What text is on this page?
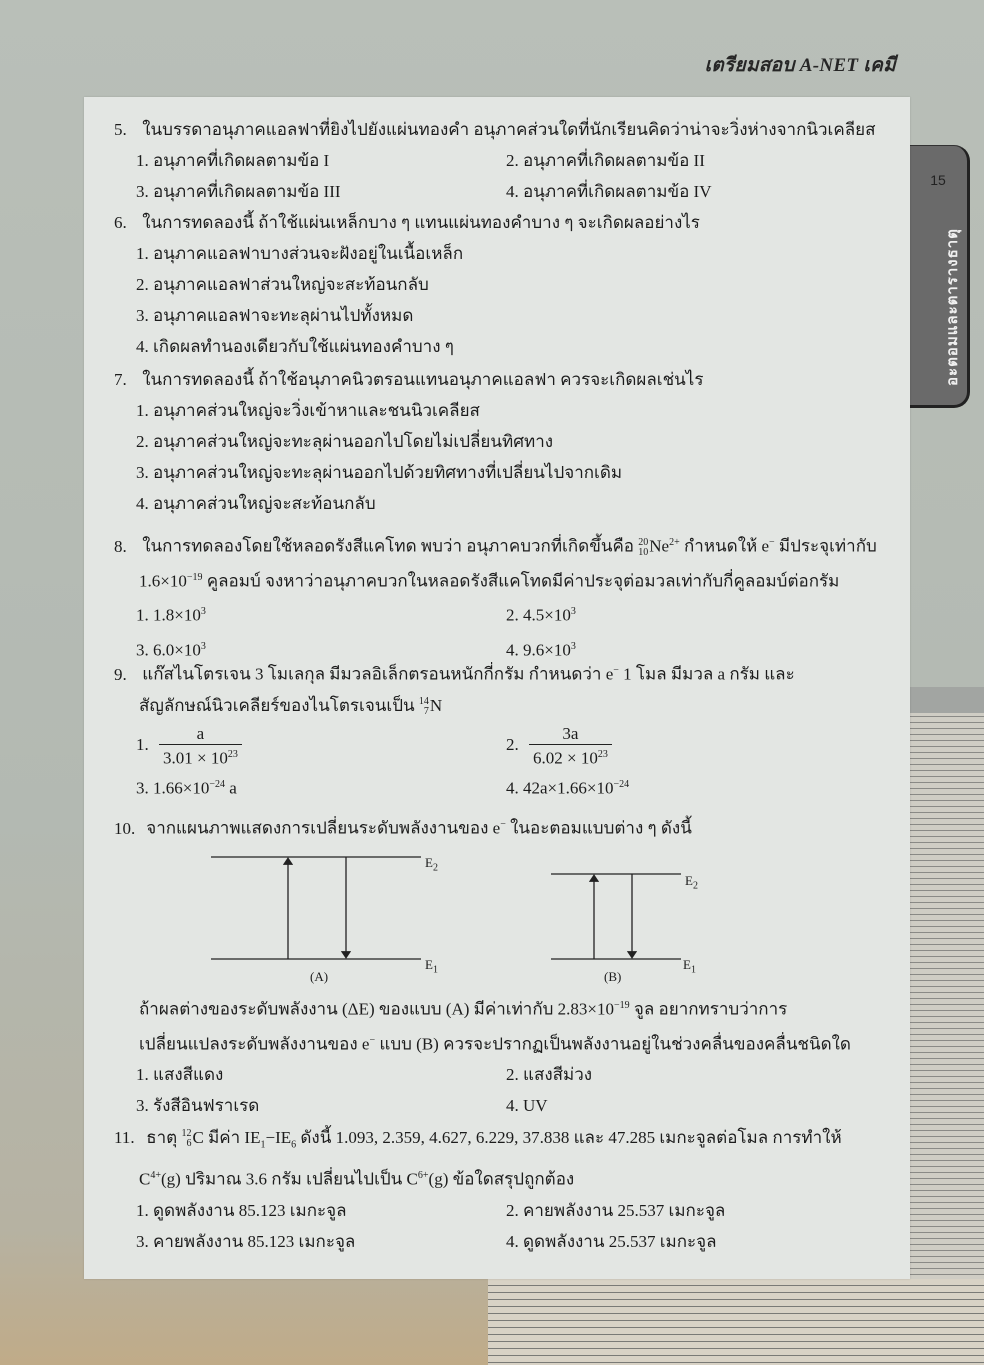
เตรียมสอบ A-NET เคมี
15
อะตอมและตารางธาตุ
5. ในบรรดาอนุภาคแอลฟาที่ยิงไปยังแผ่นทองคำ อนุภาคส่วนใดที่นักเรียนคิดว่าน่าจะวิ่งห่างจากนิวเคลียส
1. อนุภาคที่เกิดผลตามข้อ I	2. อนุภาคที่เกิดผลตามข้อ II
3. อนุภาคที่เกิดผลตามข้อ III	4. อนุภาคที่เกิดผลตามข้อ IV
6. ในการทดลองนี้ ถ้าใช้แผ่นเหล็กบาง ๆ แทนแผ่นทองคำบาง ๆ จะเกิดผลอย่างไร
1. อนุภาคแอลฟาบางส่วนจะฝังอยู่ในเนื้อเหล็ก
2. อนุภาคแอลฟาส่วนใหญ่จะสะท้อนกลับ
3. อนุภาคแอลฟาจะทะลุผ่านไปทั้งหมด
4. เกิดผลทำนองเดียวกับใช้แผ่นทองคำบาง ๆ
7. ในการทดลองนี้ ถ้าใช้อนุภาคนิวตรอนแทนอนุภาคแอลฟา ควรจะเกิดผลเช่นไร
1. อนุภาคส่วนใหญ่จะวิ่งเข้าหาและชนนิวเคลียส
2. อนุภาคส่วนใหญ่จะทะลุผ่านออกไปโดยไม่เปลี่ยนทิศทาง
3. อนุภาคส่วนใหญ่จะทะลุผ่านออกไปด้วยทิศทางที่เปลี่ยนไปจากเดิม
4. อนุภาคส่วนใหญ่จะสะท้อนกลับ
8. ในการทดลองโดยใช้หลอดรังสีแคโทด พบว่า อนุภาคบวกที่เกิดขึ้นคือ 20
10 $Ne^{2+}$ กำหนดให้ e− มีประจุเท่ากับ
$1.6\times 10^{-19}$ คูลอมบ์ จงหาว่าอนุภาคบวกในหลอดรังสีแคโทดมีค่าประจุต่อมวลเท่ากับกี่คูลอมบ์ต่อกรัม
1. $1.8\times 10^3$	2. $4.5\times 10^3$
3. $6.0\times 10^3$	4. $9.6\times 10^3$
9. แก๊สไนโตรเจน 3 โมเลกุล มีมวลอิเล็กตรอนหนักกี่กรัม กำหนดว่า e− 1 โมล มีมวล a กรัม และ
สัญลักษณ์นิวเคลียร์ของไนโตรเจนเป็น 14
7 N
1. $\frac{a}{3.01 \times 10^{23}}$	2. $\frac{3a}{6.02 \times 10^{23}}$
3. $1.66\times 10^{-24}$ a	4. $42a\times 1.66\times 10^{-24}$
10. จากแผนภาพแสดงการเปลี่ยนระดับพลังงานของ e− ในอะตอมแบบต่าง ๆ ดังนี้
$E_2$
$E_1$
(A)
$E_2$
$E_1$
(B)
ถ้าผลต่างของระดับพลังงาน (ΔE) ของแบบ (A) มีค่าเท่ากับ $2.83\times 10^{-19}$ จูล อยากทราบว่าการ
เปลี่ยนแปลงระดับพลังงานของ e− แบบ (B) ควรจะปรากฏเป็นพลังงานอยู่ในช่วงคลื่นของคลื่นชนิดใด
1. แสงสีแดง	2. แสงสีม่วง
3. รังสีอินฟราเรด	4. UV
11. ธาตุ 12
6 C มีค่า $IE_1-IE_6$ ดังนี้ 1.093, 2.359, 4.627, 6.229, 37.838 และ 47.285 เมกะจูลต่อโมล การทำให้
$C^{4+}(g)$ ปริมาณ 3.6 กรัม เปลี่ยนไปเป็น $C^{6+}(g)$ ข้อใดสรุปถูกต้อง
1. ดูดพลังงาน 85.123 เมกะจูล	2. คายพลังงาน 25.537 เมกะจูล
3. คายพลังงาน 85.123 เมกะจูล	4. ดูดพลังงาน 25.537 เมกะจูล
